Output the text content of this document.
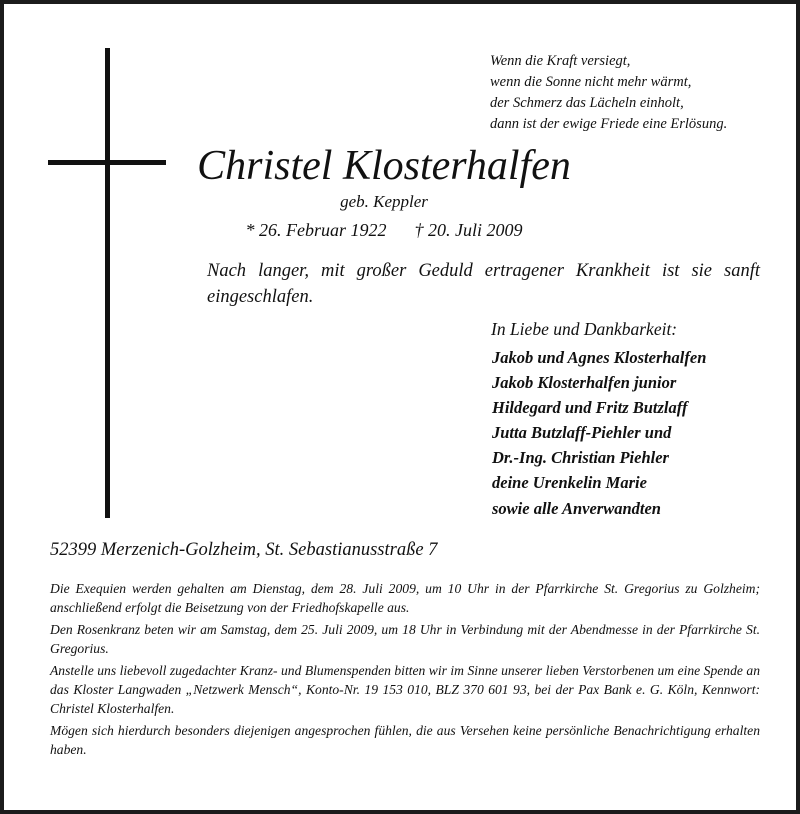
Wenn die Kraft versiegt,
wenn die Sonne nicht mehr wärmt,
der Schmerz das Lächeln einholt,
dann ist der ewige Friede eine Erlösung.
Christel Klosterhalfen
geb. Keppler
* 26. Februar 1922 † 20. Juli 2009
Nach langer, mit großer Geduld ertragener Krankheit ist sie sanft eingeschlafen.
In Liebe und Dankbarkeit:
Jakob und Agnes Klosterhalfen
Jakob Klosterhalfen junior
Hildegard und Fritz Butzlaff
Jutta Butzlaff-Piehler und
Dr.-Ing. Christian Piehler
deine Urenkelin Marie
sowie alle Anverwandten
52399 Merzenich-Golzheim, St. Sebastianusstraße 7

Die Exequien werden gehalten am Dienstag, dem 28. Juli 2009, um 10 Uhr in der Pfarrkirche St. Gregorius zu Golzheim; anschließend erfolgt die Beisetzung von der Friedhofskapelle aus.

Den Rosenkranz beten wir am Samstag, dem 25. Juli 2009, um 18 Uhr in Verbindung mit der Abendmesse in der Pfarrkirche St. Gregorius.

Anstelle uns liebevoll zugedachter Kranz- und Blumenspenden bitten wir im Sinne unserer lieben Verstorbenen um eine Spende an das Kloster Langwaden „Netzwerk Mensch“, Konto-Nr. 19 153 010, BLZ 370 601 93, bei der Pax Bank e. G. Köln, Kennwort: Christel Klosterhalfen.

Mögen sich hierdurch besonders diejenigen angesprochen fühlen, die aus Versehen keine persönliche Benachrichtigung erhalten haben.
